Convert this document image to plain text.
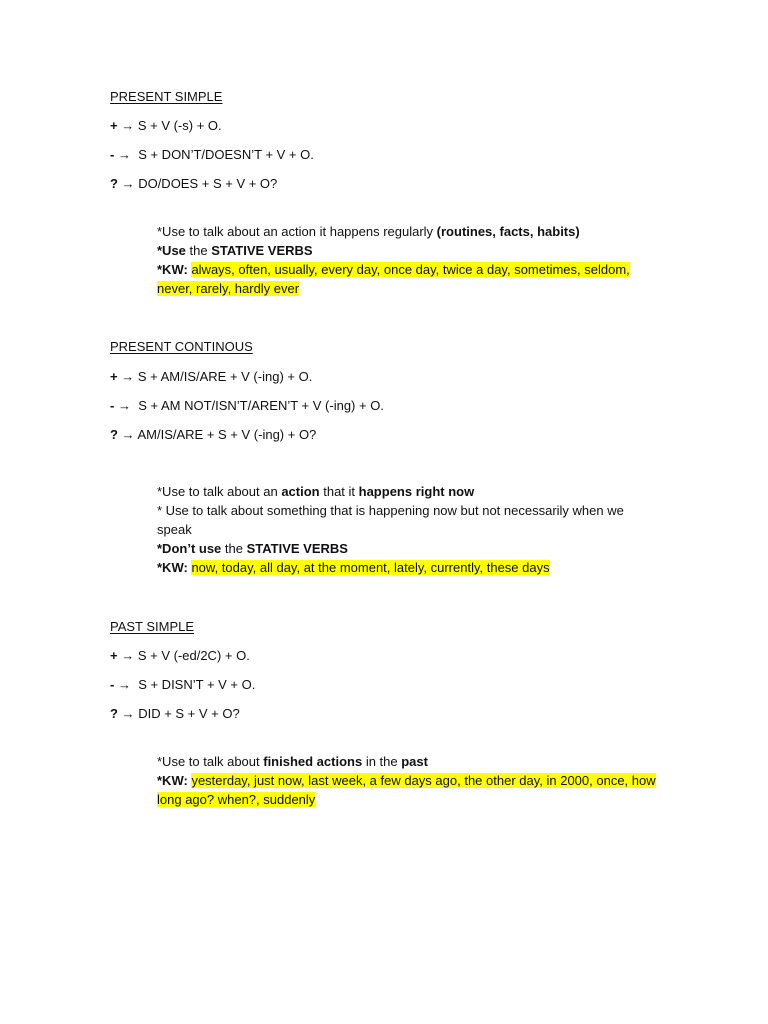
PRESENT SIMPLE
+ → S + V (-s) + O.
- →  S + DON’T/DOESN’T + V + O.
? → DO/DOES + S + V + O?

*Use to talk about an action it happens regularly (routines, facts, habits)

*Use the STATIVE VERBS

*KW: always, often, usually, every day, once day, twice a day, sometimes, seldom, never, rarely, hardly ever

PRESENT CONTINOUS
+ → S + AM/IS/ARE + V (-ing) + O.
- →  S + AM NOT/ISN’T/AREN’T + V (-ing) + O.
? → AM/IS/ARE + S + V (-ing) + O?

*Use to talk about an action that it happens right now

* Use to talk about something that is happening now but not necessarily when we speak

*Don’t use the STATIVE VERBS

*KW: now, today, all day, at the moment, lately, currently, these days

PAST SIMPLE
+ → S + V (-ed/2C) + O.
- →  S + DISN’T + V + O.
? → DID + S + V + O?

*Use to talk about finished actions in the past

*KW: yesterday, just now, last week, a few days ago, the other day, in 2000, once, how long ago? when?, suddenly
